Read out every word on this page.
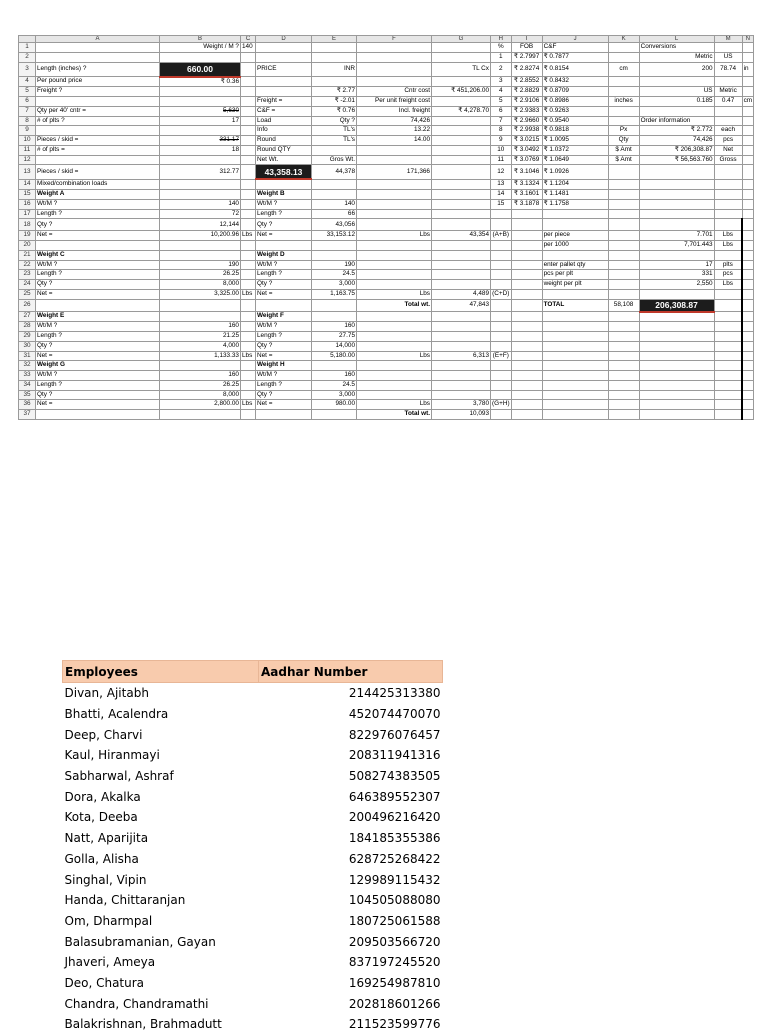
	A	B	C	D	E	F	G	H	I	J	K	L	M	N
1		Weight / M ?	140					%	FOB	C&F		Conversions		
2								1	₹ 2.7997	₹ 0.7877		Metric	US	
3	Length (inches) ?	660.00		PRICE	INR		TL Cx	2	₹ 2.8274	₹ 0.8154	cm	200	78.74	in
4	Per pound price	₹ 0.36						3	₹ 2.8552	₹ 0.8432				
5	Freight ?				₹ 2.77	Cntr cost	₹ 451,206.00	4	₹ 2.8829	₹ 0.8709		US	Metric	
6				Freight =	₹ -2.01	Per unit freight cost		5	₹ 2.9106	₹ 0.8986	inches	0.185	0.47	cm
7	Qty per 40' cntr =	5,630		C&F =	₹ 0.76	Incl. freight	₹ 4,278.70	6	₹ 2.9383	₹ 0.9263				
8	# of plts ?	17		Load	Qty ?	74,426		7	₹ 2.9660	₹ 0.9540		Order information		
9				Info	TL's	13.22		8	₹ 2.9938	₹ 0.9818	Px	₹ 2.772	each	
10	Pieces / skid =	331.17		Round	TL's	14.00		9	₹ 3.0215	₹ 1.0095	Qty	74,426	pcs	
11	# of plts =	18		Round QTY				10	₹ 3.0492	₹ 1.0372	$ Amt	₹ 206,308.87	Net	
12				Net Wt.	Gros Wt.			11	₹ 3.0769	₹ 1.0649	$ Amt	₹ 56,563.760	Gross	
13	Pieces / skid =	312.77		43,358.13	44,378	171,366		12	₹ 3.1046	₹ 1.0926				
14	Mixed/combination loads							13	₹ 3.1324	₹ 1.1204				
15	Weight A			Weight B				14	₹ 3.1601	₹ 1.1481				
16	Wt/M ?	140		Wt/M ?	140			15	₹ 3.1878	₹ 1.1758				
17	Length ?	72		Length ?	66									
18	Qty ?	12,144		Qty ?	43,056									
19	Net =	10,200.96	Lbs	Net =	33,153.12	Lbs	43,354	(A+B)		per piece		7.701	Lbs	
20										per 1000		7,701.443	Lbs	
21	Weight C			Weight D										
22	Wt/M ?	190		Wt/M ?	190					enter pallet qty		17	plts	
23	Length ?	26.25		Length ?	24.5					pcs per plt		331	pcs	
24	Qty ?	8,000		Qty ?	3,000					weight per plt		2,550	Lbs	
25	Net =	3,325.00	Lbs	Net =	1,163.75	Lbs	4,489	(C+D)						
26						Total wt.	47,843			TOTAL	58,108	206,308.87		
27	Weight E			Weight F										
28	Wt/M ?	160		Wt/M ?	160									
29	Length ?	21.25		Length ?	27.75									
30	Qty ?	4,000		Qty ?	14,000									
31	Net =	1,133.33	Lbs	Net =	5,180.00	Lbs	6,313	(E+F)						
32	Weight G			Weight H										
33	Wt/M ?	160		Wt/M ?	160									
34	Length ?	26.25		Length ?	24.5									
35	Qty ?	8,000		Qty ?	3,000									
36	Net =	2,800.00	Lbs	Net =	980.00	Lbs	3,780	(G+H)						
37						Total wt.	10,093							
Employees	Aadhar Number
Divan, Ajitabh	214425313380
Bhatti, Acalendra	452074470070
Deep, Charvi	822976076457
Kaul, Hiranmayi	208311941316
Sabharwal, Ashraf	508274383505
Dora, Akalka	646389552307
Kota, Deeba	200496216420
Natt, Aparijita	184185355386
Golla, Alisha	628725268422
Singhal, Vipin	129989115432
Handa, Chittaranjan	104505088080
Om, Dharmpal	180725061588
Balasubramanian, Gayan	209503566720
Jhaveri, Ameya	837197245520
Deo, Chatura	169254987810
Chandra, Chandramathi	202818601266
Balakrishnan, Brahmadutt	211523599776
